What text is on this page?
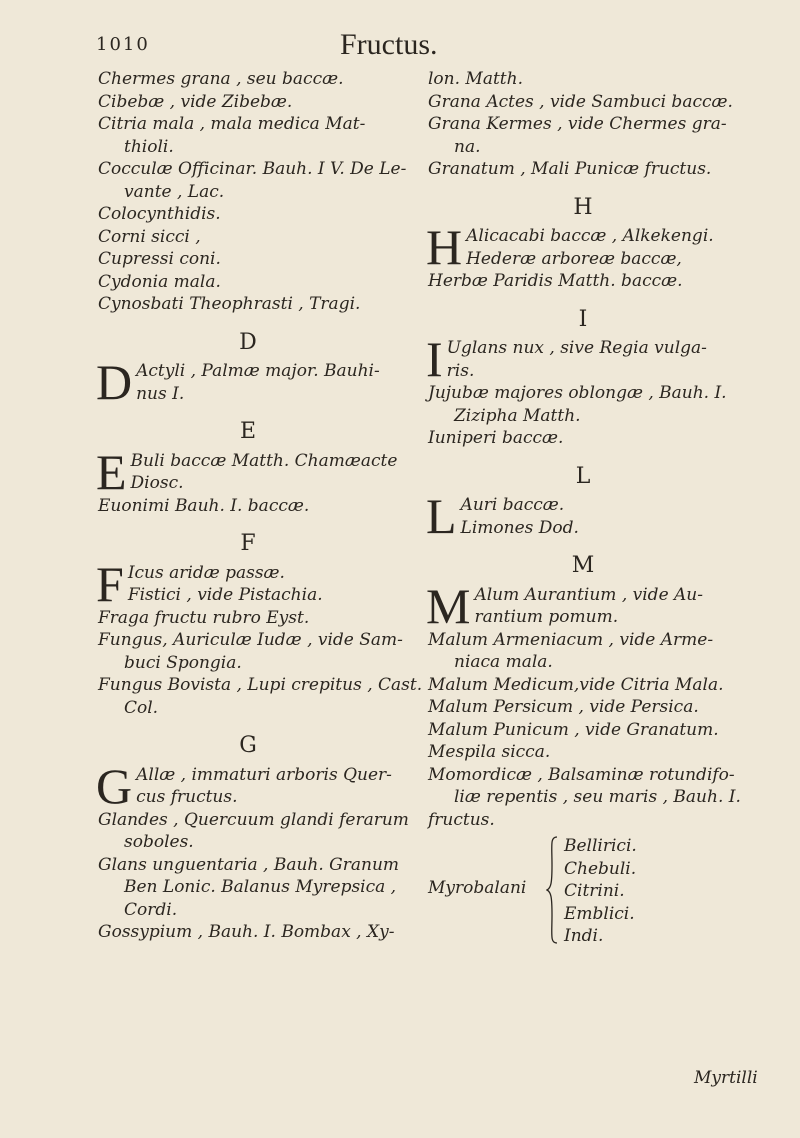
1010	Fructus.
Chermes grana , seu baccæ.
Cibebæ , vide Zibebæ.
Citria mala , mala medica Mat-
thioli.
Cocculæ Officinar. Bauh. I V. De Le-
vante , Lac.
Colocynthidis.
Corni sicci ,
Cupressi coni.
Cydonia mala.
Cynosbati Theophrasti , Tragi.
D
D Actyli , Palmæ major. Bauhi-
nus I.
E
E Buli baccæ Matth. Chamæacte
Diosc.
Euonimi Bauh. I. baccæ.
F
F Icus aridæ passæ.
Fistici , vide Pistachia.
Fraga fructu rubro Eyst.
Fungus, Auriculæ Iudæ , vide Sam-
buci Spongia.
Fungus Bovista , Lupi crepitus , Cast.
Col.
G
G Allæ , immaturi arboris Quer-
cus fructus.
Glandes , Quercuum glandi ferarum
soboles.
Glans unguentaria , Bauh. Granum
Ben Lonic. Balanus Myrepsica ,
Cordi.
Gossypium , Bauh. I. Bombax , Xy-
lon. Matth.
Grana Actes , vide Sambuci baccæ.
Grana Kermes , vide Chermes gra-
na.
Granatum , Mali Punicæ fructus.
H
H Alicacabi baccæ , Alkekengi.
Hederæ arboreæ baccæ,
Herbæ Paridis Matth. baccæ.
I
I Uglans nux , sive Regia vulga-
ris.
Jujubæ majores oblongæ , Bauh. I.
Zizipha Matth.
Iuniperi baccæ.
L
L Auri baccæ.
Limones Dod.
M
M Alum Aurantium , vide Au-
rantium pomum.
Malum Armeniacum , vide Arme-
niaca mala.
Malum Medicum,vide Citria Mala.
Malum Persicum , vide Persica.
Malum Punicum , vide Granatum.
Mespila sicca.
Momordicæ , Balsaminæ rotundifo-
liæ repentis , seu maris , Bauh. I.
fructus.
Myrobalani
Bellirici.
Chebuli.
Citrini.
Emblici.
Indi.
Myrtilli
